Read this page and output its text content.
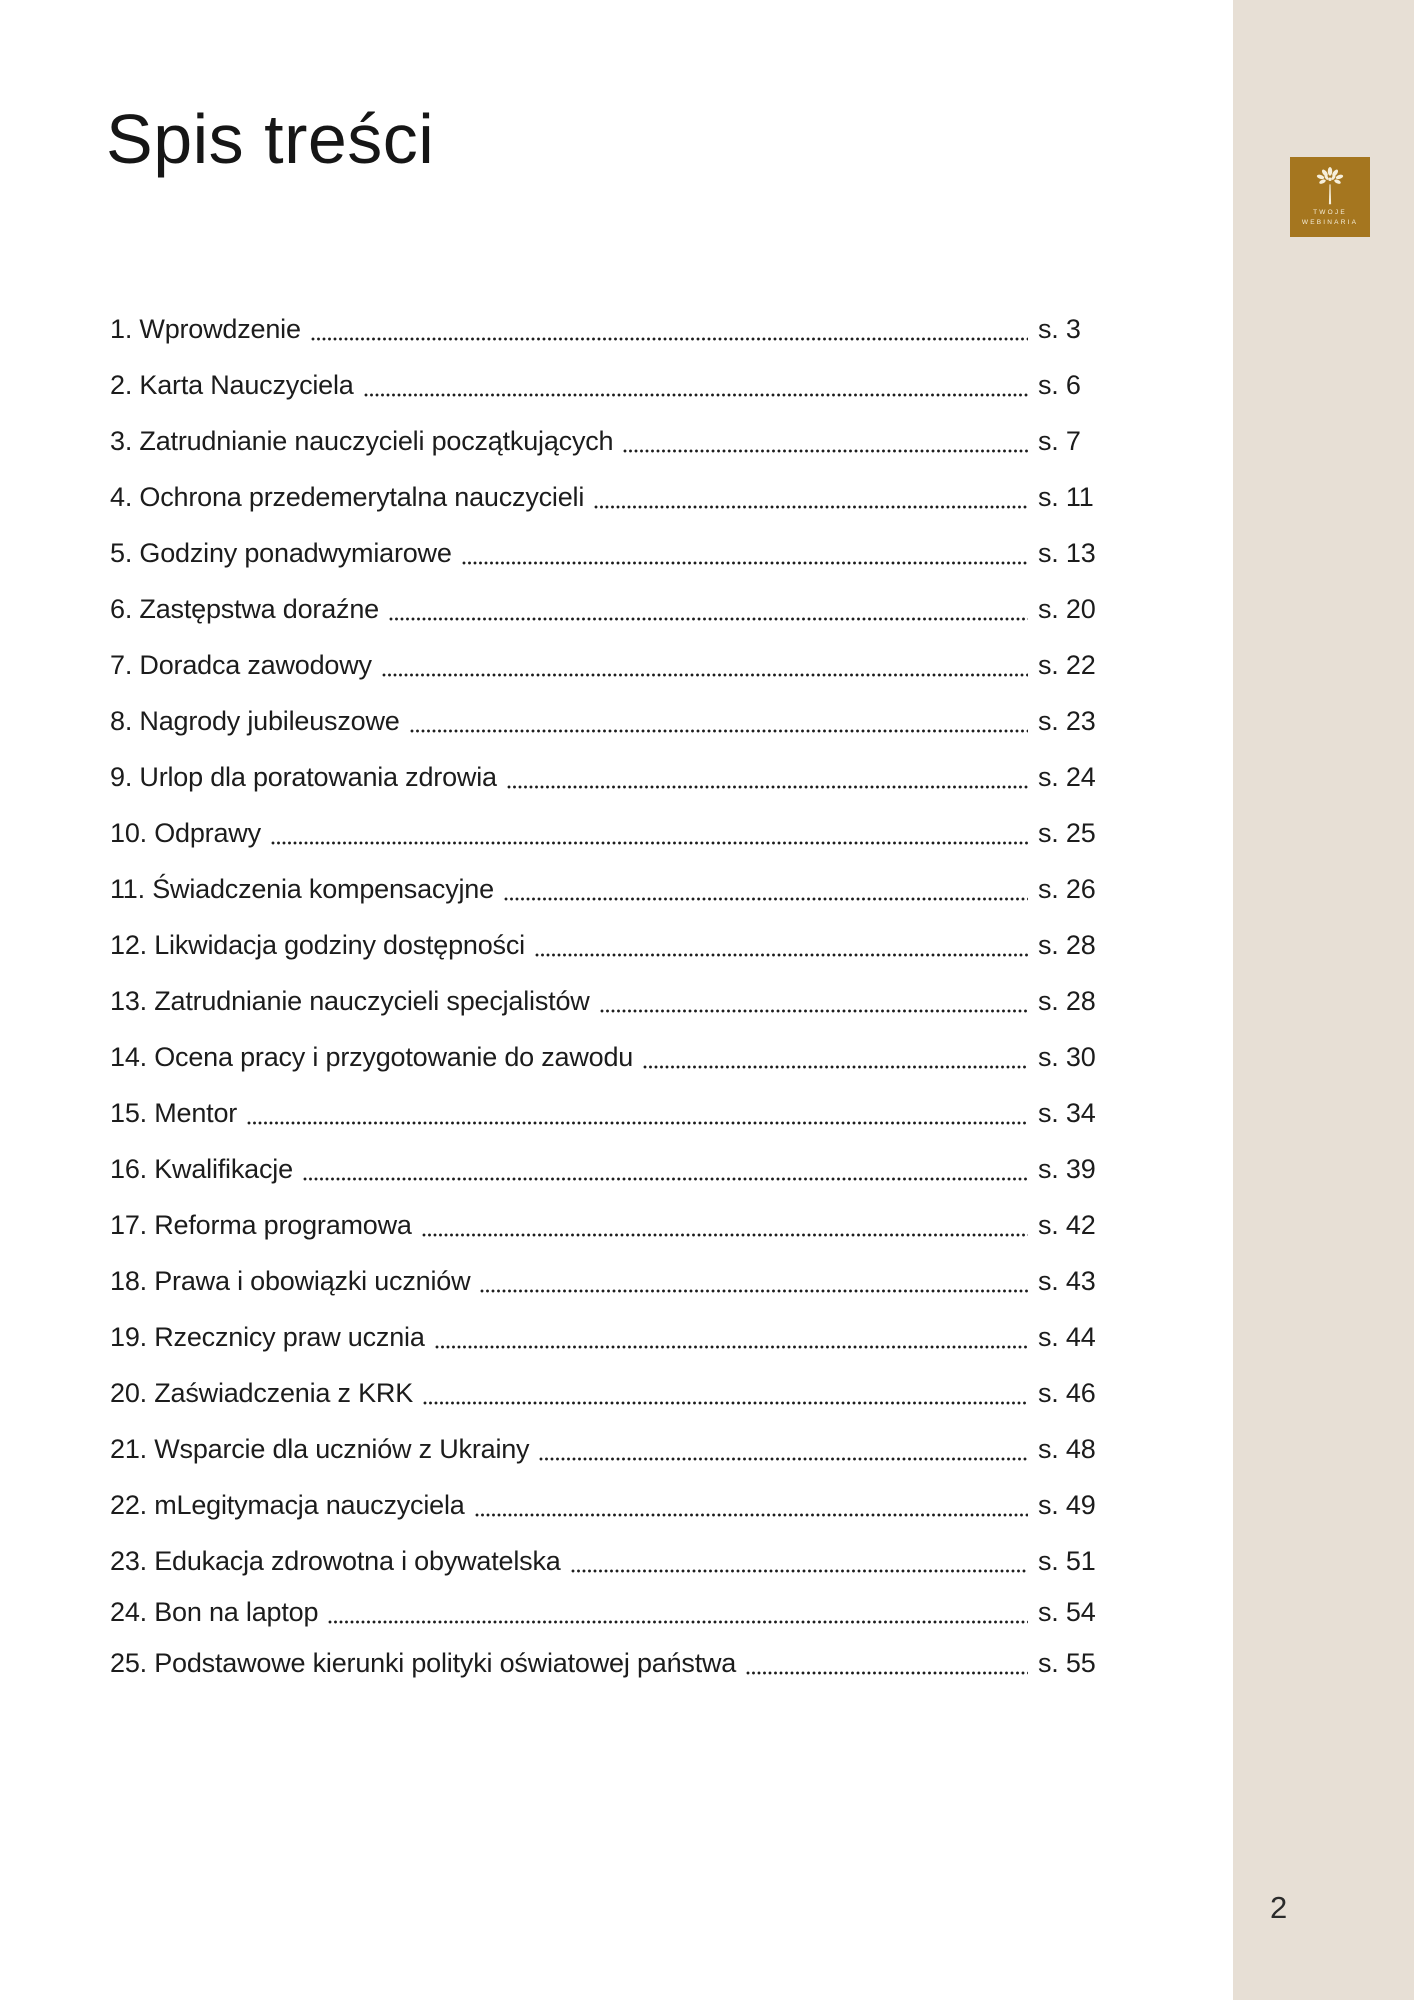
TWOJE
WEBINARIA
Spis treści
1. Wprowdzenie	s. 3
2. Karta Nauczyciela	s. 6
3. Zatrudnianie nauczycieli początkujących	s. 7
4. Ochrona przedemerytalna nauczycieli	s. 11
5. Godziny ponadwymiarowe	s. 13
6. Zastępstwa doraźne	s. 20
7. Doradca zawodowy	s. 22
8. Nagrody jubileuszowe	s. 23
9. Urlop dla poratowania zdrowia	s. 24
10. Odprawy	s. 25
11. Świadczenia kompensacyjne	s. 26
12. Likwidacja godziny dostępności	s. 28
13. Zatrudnianie nauczycieli specjalistów	s. 28
14. Ocena pracy i przygotowanie do zawodu	s. 30
15. Mentor	s. 34
16. Kwalifikacje	s. 39
17. Reforma programowa	s. 42
18. Prawa i obowiązki uczniów	s. 43
19. Rzecznicy praw ucznia	s. 44
20. Zaświadczenia z KRK	s. 46
21. Wsparcie dla uczniów z Ukrainy	s. 48
22. mLegitymacja nauczyciela	s. 49
23. Edukacja zdrowotna i obywatelska	s. 51
24. Bon na laptop	s. 54
25. Podstawowe kierunki polityki oświatowej państwa	s. 55
2
